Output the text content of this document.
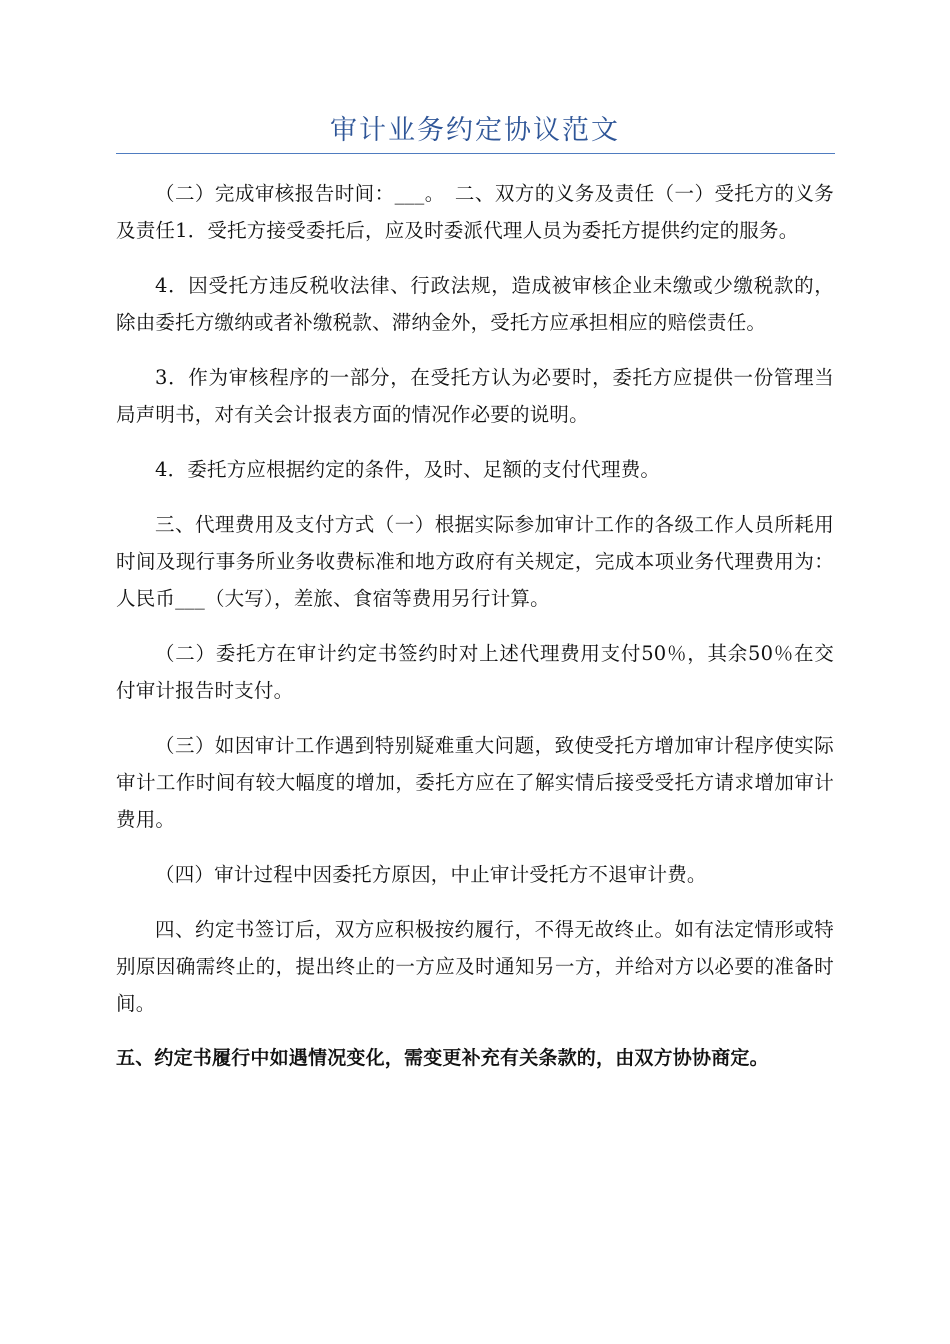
审计业务约定协议范文

（二）完成审核报告时间：___。　二、双方的义务及责任（一）受托方的义务及责任1．受托方接受委托后，应及时委派代理人员为委托方提供约定的服务。

4．因受托方违反税收法律、行政法规，造成被审核企业未缴或少缴税款的，除由委托方缴纳或者补缴税款、滞纳金外，受托方应承担相应的赔偿责任。

3．作为审核程序的一部分，在受托方认为必要时，委托方应提供一份管理当局声明书，对有关会计报表方面的情况作必要的说明。

4．委托方应根据约定的条件，及时、足额的支付代理费。

三、代理费用及支付方式（一）根据实际参加审计工作的各级工作人员所耗用时间及现行事务所业务收费标准和地方政府有关规定，完成本项业务代理费用为：人民币___（大写），差旅、食宿等费用另行计算。

（二）委托方在审计约定书签约时对上述代理费用支付50％，其余50％在交付审计报告时支付。

（三）如因审计工作遇到特别疑难重大问题，致使受托方增加审计程序使实际审计工作时间有较大幅度的增加，委托方应在了解实情后接受受托方请求增加审计费用。

（四）审计过程中因委托方原因，中止审计受托方不退审计费。

四、约定书签订后，双方应积极按约履行，不得无故终止。如有法定情形或特别原因确需终止的，提出终止的一方应及时通知另一方，并给对方以必要的准备时间。

五、约定书履行中如遇情况变化，需变更补充有关条款的，由双方协协商定。
